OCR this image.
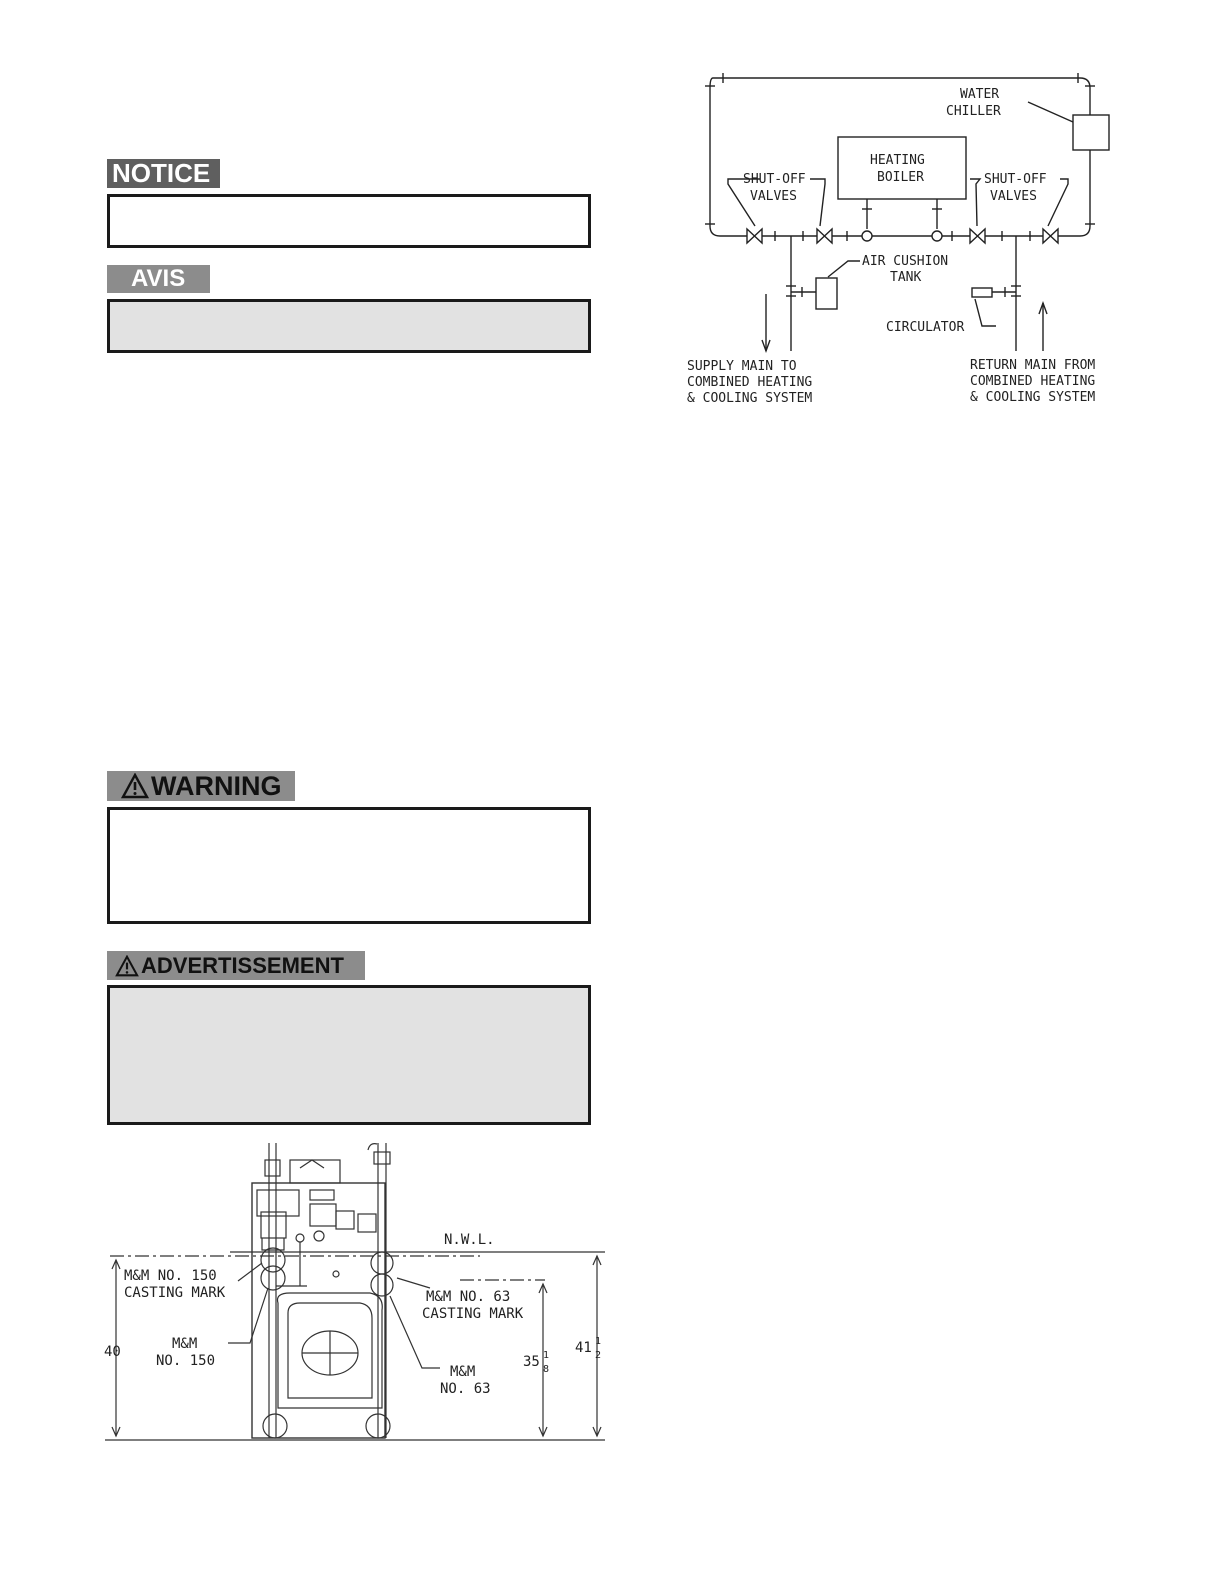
NOTICE
AVIS
WARNING
ADVERTISSEMENT
WATER
CHILLER
HEATING
BOILER
SHUT-OFF
VALVES
SHUT-OFF
VALVES
AIR CUSHION
TANK
CIRCULATOR
SUPPLY MAIN TO
COMBINED HEATING
& COOLING SYSTEM
RETURN MAIN FROM
COMBINED HEATING
& COOLING SYSTEM
N.W.L.
M&M NO. 150
CASTING MARK	M&M NO. 63
CASTING MARK
M&M
NO. 150
M&M
NO. 63
40
35 1
8
41 1
2
